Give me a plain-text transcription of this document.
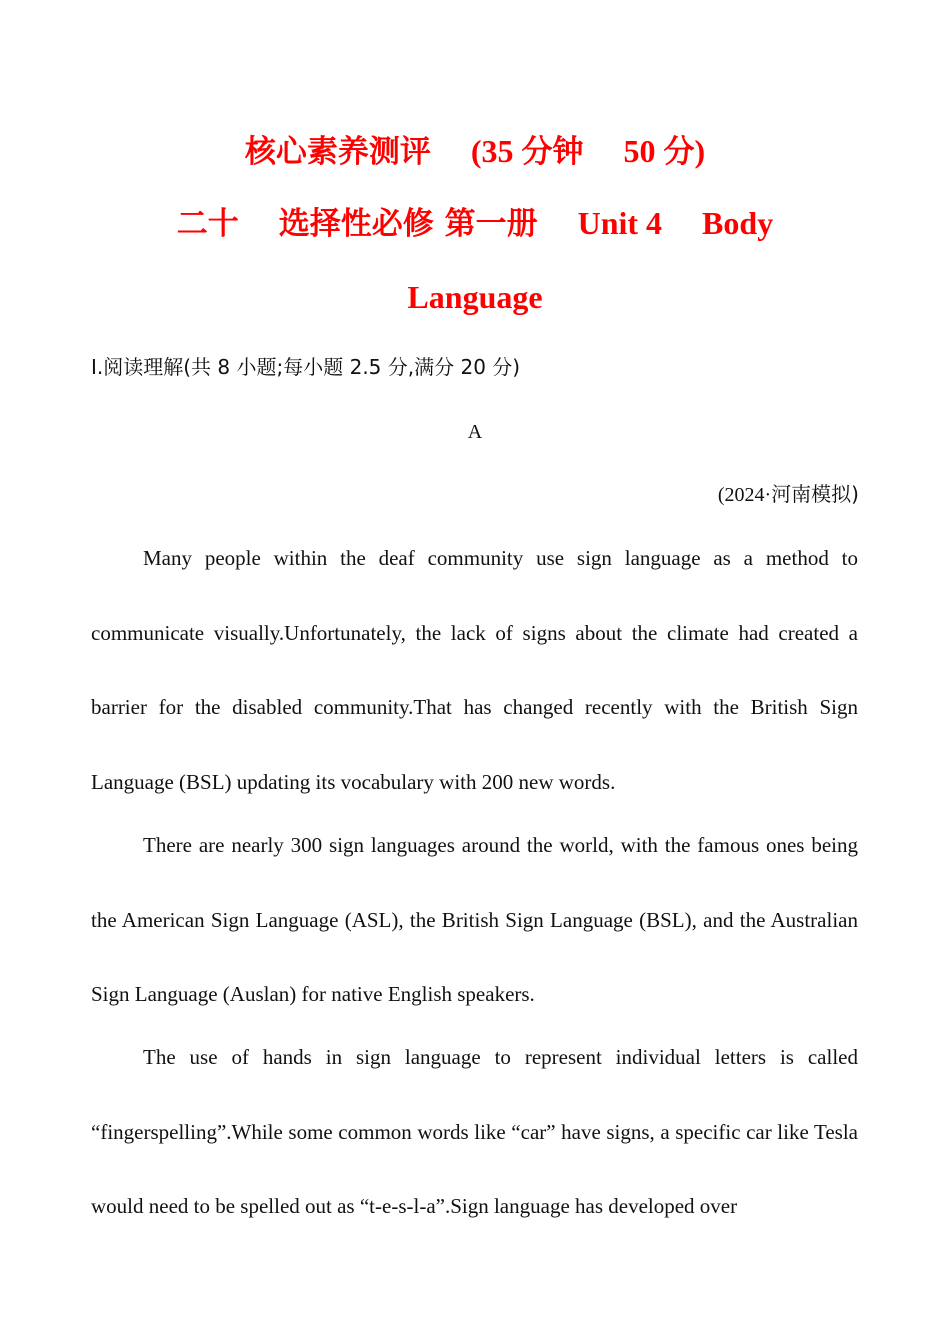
核心素养测评 (35 分钟 50 分)
二十 选择性必修 第一册 Unit 4 Body
Language
Ⅰ.阅读理解(共 8 小题;每小题 2.5 分,满分 20 分)
A
(2024·河南模拟)

Many people within the deaf community use sign language as a method to communicate visually.Unfortunately, the lack of signs about the climate had created a barrier for the disabled community.That has changed recently with the British Sign Language (BSL) updating its vocabulary with 200 new words.

There are nearly 300 sign languages around the world, with the famous ones being the American Sign Language (ASL), the British Sign Language (BSL), and the Australian Sign Language (Auslan) for native English speakers.

The use of hands in sign language to represent individual letters is called “fingerspelling”.While some common words like “car” have signs, a specific car like Tesla would need to be spelled out as “t-e-s-l-a”.Sign language has developed over
